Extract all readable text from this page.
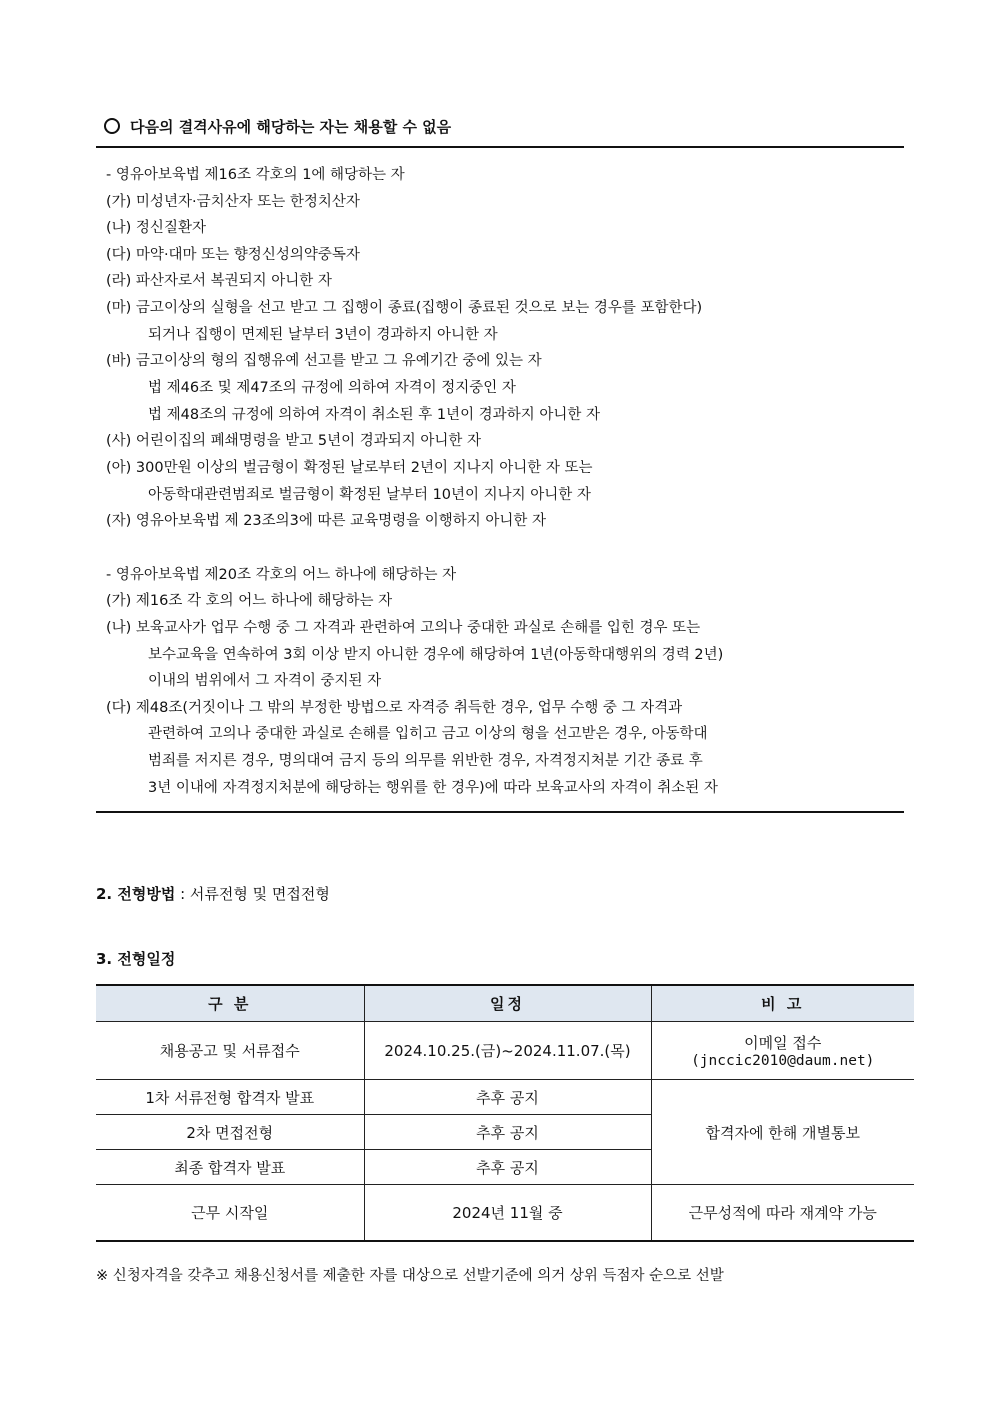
다음의 결격사유에 해당하는 자는 채용할 수 없음
- 영유아보육법 제16조 각호의 1에 해당하는 자
(가) 미성년자·금치산자 또는 한정치산자
(나) 정신질환자
(다) 마약·대마 또는 향정신성의약중독자
(라) 파산자로서 복권되지 아니한 자
(마) 금고이상의 실형을 선고 받고 그 집행이 종료(집행이 종료된 것으로 보는 경우를 포함한다)
되거나 집행이 면제된 날부터 3년이 경과하지 아니한 자
(바) 금고이상의 형의 집행유예 선고를 받고 그 유예기간 중에 있는 자
법 제46조 및 제47조의 규정에 의하여 자격이 정지중인 자
법 제48조의 규정에 의하여 자격이 취소된 후 1년이 경과하지 아니한 자
(사) 어린이집의 폐쇄명령을 받고 5년이 경과되지 아니한 자
(아) 300만원 이상의 벌금형이 확정된 날로부터 2년이 지나지 아니한 자 또는
아동학대관련범죄로 벌금형이 확정된 날부터 10년이 지나지 아니한 자
(자) 영유아보육법 제 23조의3에 따른 교육명령을 이행하지 아니한 자
- 영유아보육법 제20조 각호의 어느 하나에 해당하는 자
(가) 제16조 각 호의 어느 하나에 해당하는 자
(나) 보육교사가 업무 수행 중 그 자격과 관련하여 고의나 중대한 과실로 손해를 입힌 경우 또는
보수교육을 연속하여 3회 이상 받지 아니한 경우에 해당하여 1년(아동학대행위의 경력 2년)
이내의 범위에서 그 자격이 중지된 자
(다) 제48조(거짓이나 그 밖의 부정한 방법으로 자격증 취득한 경우, 업무 수행 중 그 자격과
관련하여 고의나 중대한 과실로 손해를 입히고 금고 이상의 형을 선고받은 경우, 아동학대
범죄를 저지른 경우, 명의대여 금지 등의 의무를 위반한 경우, 자격정지처분 기간 종료 후
3년 이내에 자격정지처분에 해당하는 행위를 한 경우)에 따라 보육교사의 자격이 취소된 자
2. 전형방법 : 서류전형 및 면접전형
3. 전형일정
구 분	일정	비 고
채용공고 및 서류접수	2024.10.25.(금)~2024.11.07.(목)	이메일 접수
(jnccic2010@daum.net)

1차 서류전형 합격자 발표	추후 공지	합격자에 한해 개별통보
2차 면접전형	추후 공지	
최종 합격자 발표	추후 공지	
근무 시작일	2024년 11월 중	근무성적에 따라 재계약 가능
※ 신청자격을 갖추고 채용신청서를 제출한 자를 대상으로 선발기준에 의거 상위 득점자 순으로 선발
